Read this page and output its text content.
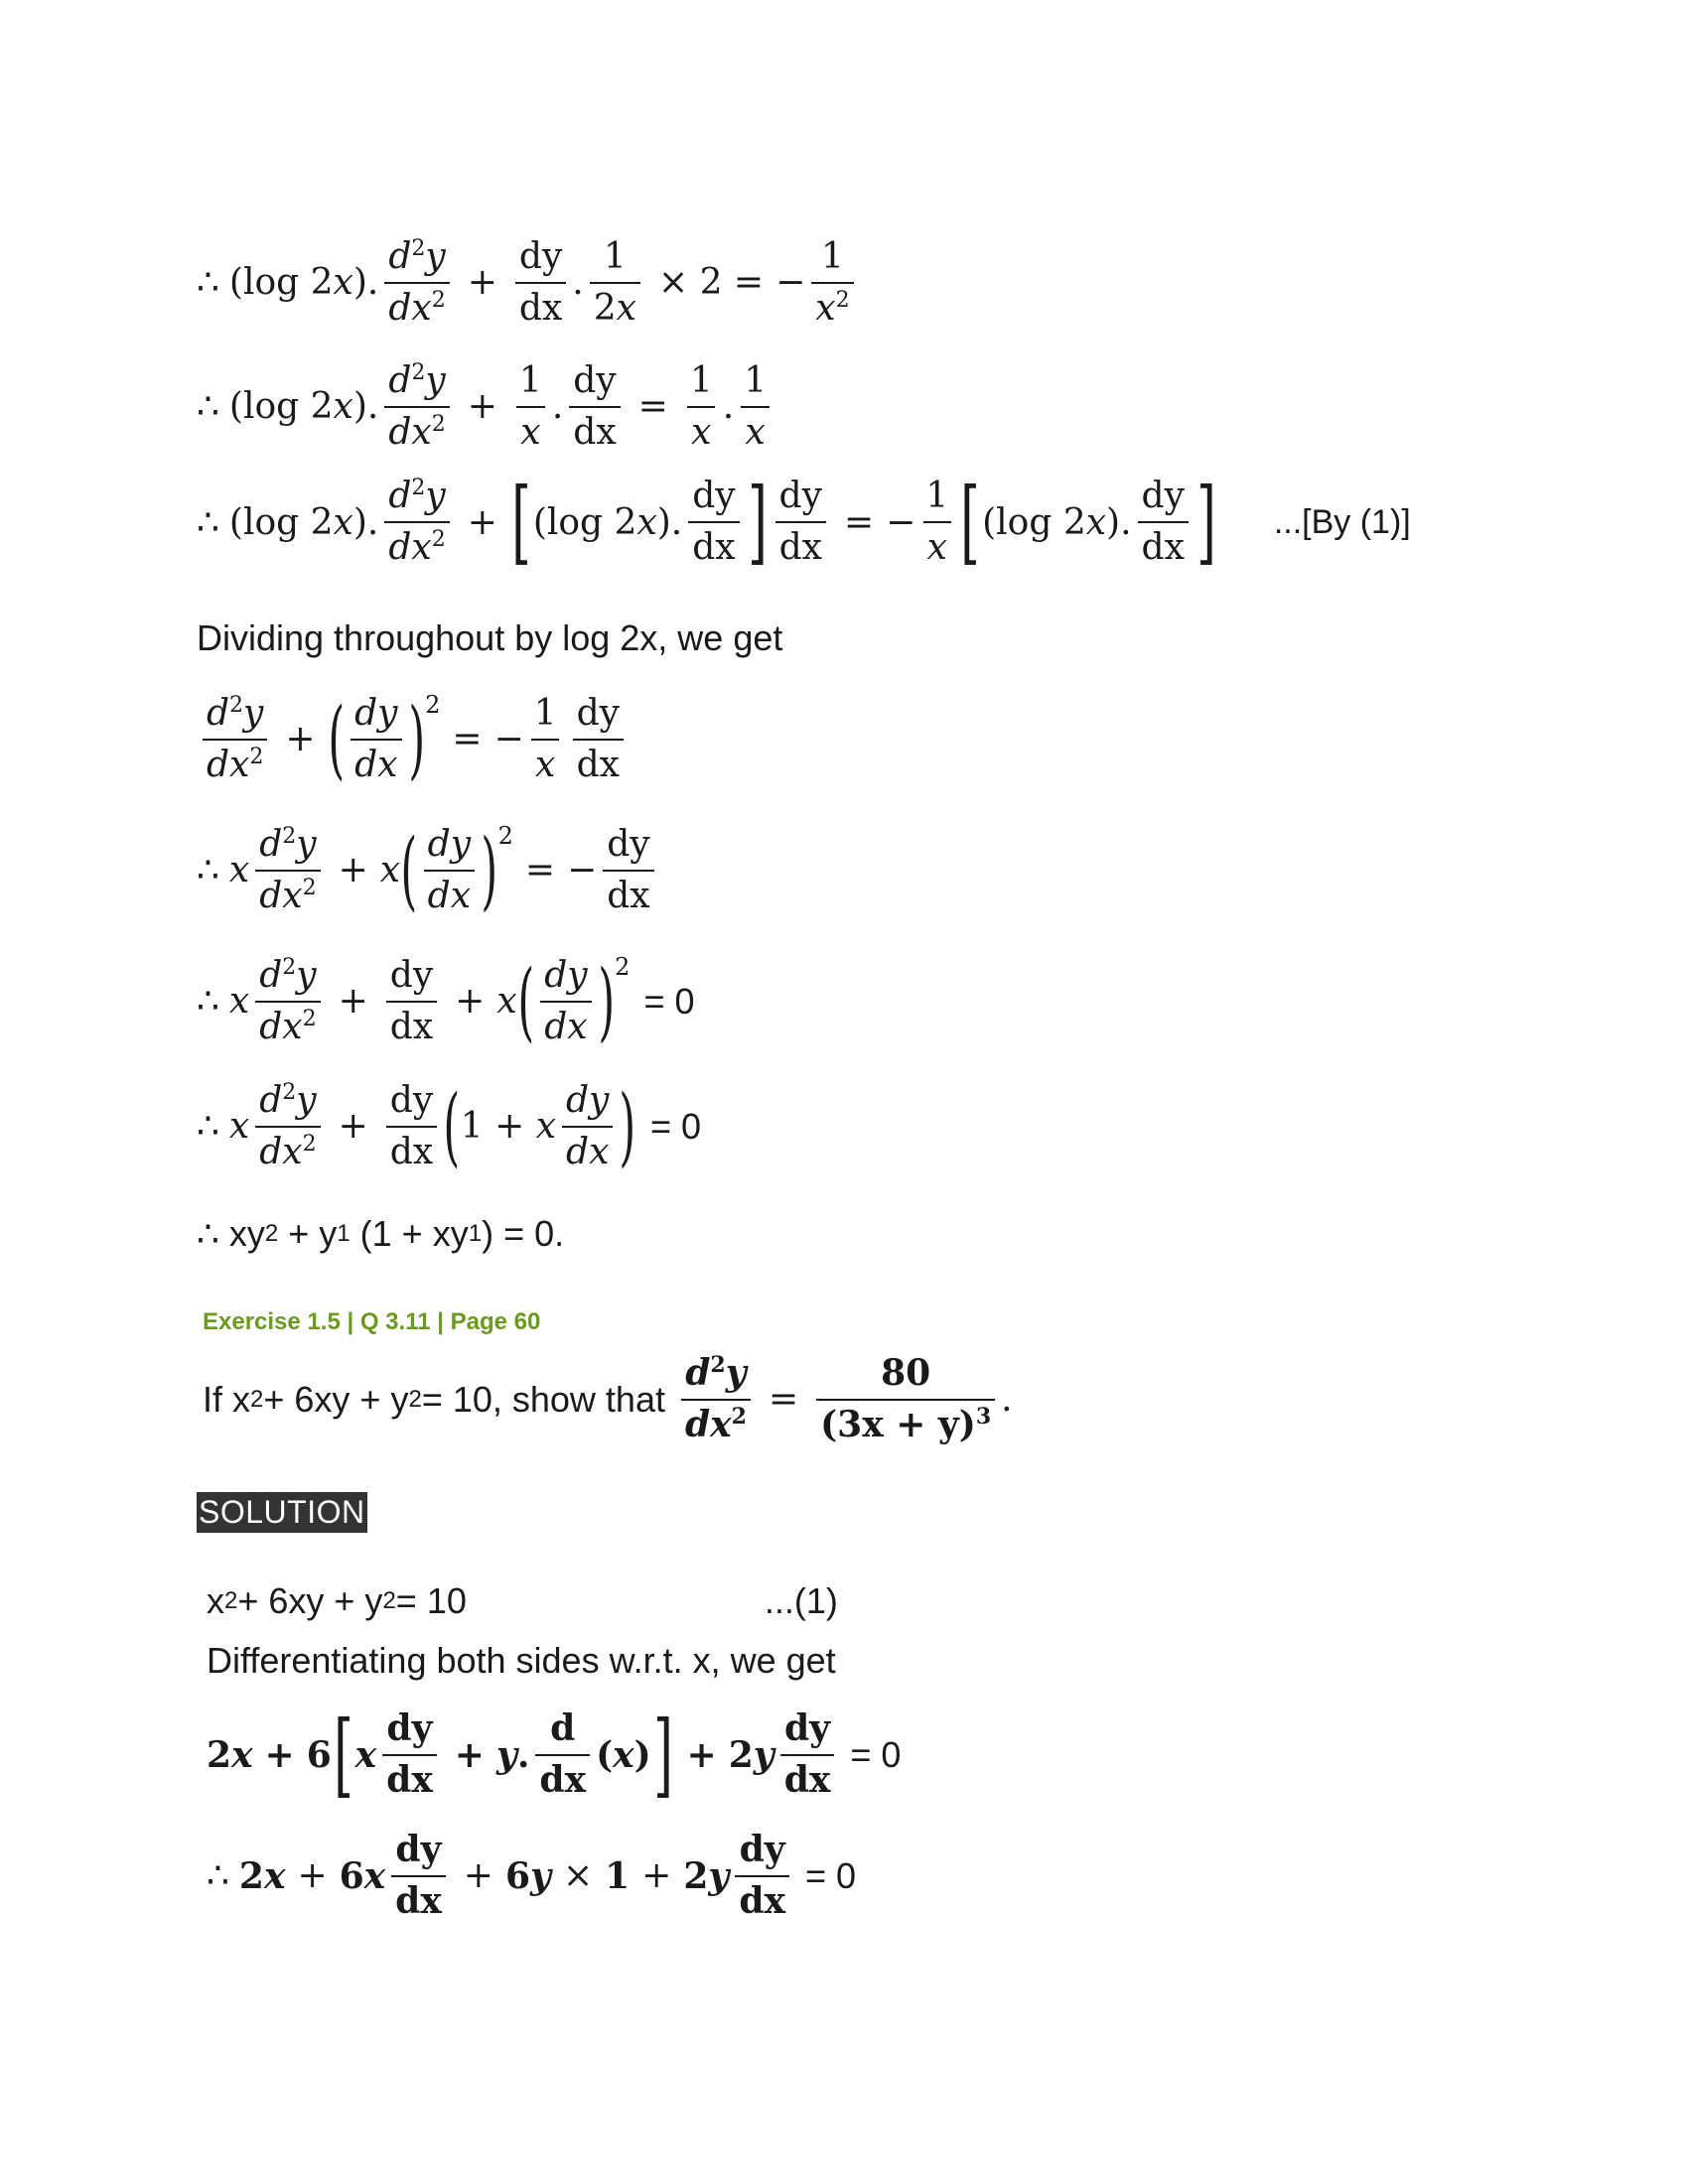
∴ (log 2x). $\frac{d^2y}{dx^2} + \frac{dy}{dx}$ . $\frac{1}{2x} \times 2$ = − $\frac{1}{x^2}$
∴ (log 2x). $\frac{d^2y}{dx^2} + \frac{1}{x}$ . $\frac{dy}{dx} = \frac{1}{x}$ . $\frac{1}{x}$
∴ (log 2x). $\frac{d^2y}{dx^2}$ + [ (log 2x). $\frac{dy}{dx}$ ] $\frac{dy}{dx}$ = − $\frac{1}{x}$ [ (log 2x). $\frac{dy}{dx}$ ] ...[By (1)]
Dividing throughout by log 2x, we get
$\frac{d^2y}{dx^2}$ + ( $\frac{dy}{dx}$ ) 2
= − $\frac{1}{x} \frac{dy}{dx}$
∴ x $\frac{d^2y}{dx^2} + x$ ( $\frac{dy}{dx}$ ) 2
= − $\frac{dy}{dx}$
∴ x $\frac{d^2y}{dx^2} + \frac{dy}{dx} + x$ ( $\frac{dy}{dx}$ ) 2
= 0
∴ x $\frac{d^2y}{dx^2} + \frac{dy}{dx}$ ( 1 + x $\frac{dy}{dx}$ ) = 0
∴ xy 2 + y 1
(1 + xy 1 ) = 0.
Exercise 1.5 | Q 3.11 | Page 60
If x 2 + 6xy + y 2 = 10, show that $\frac{d^2y}{dx^2} = \frac{80}{(3x + y)^3}$ .
SOLUTION
x 2 + 6xy + y 2 = 10	...(1)
Differentiating both sides w.r.t. x, we get
2x + 6 [ x $\frac{dy}{dx} + y$. $\frac{d}{dx} (x)$ ] + $2y \frac{dy}{dx} = 0$
∴ $2x + 6x \frac{dy}{dx} + 6y \times 1 + 2y \frac{dy}{dx} = 0$
